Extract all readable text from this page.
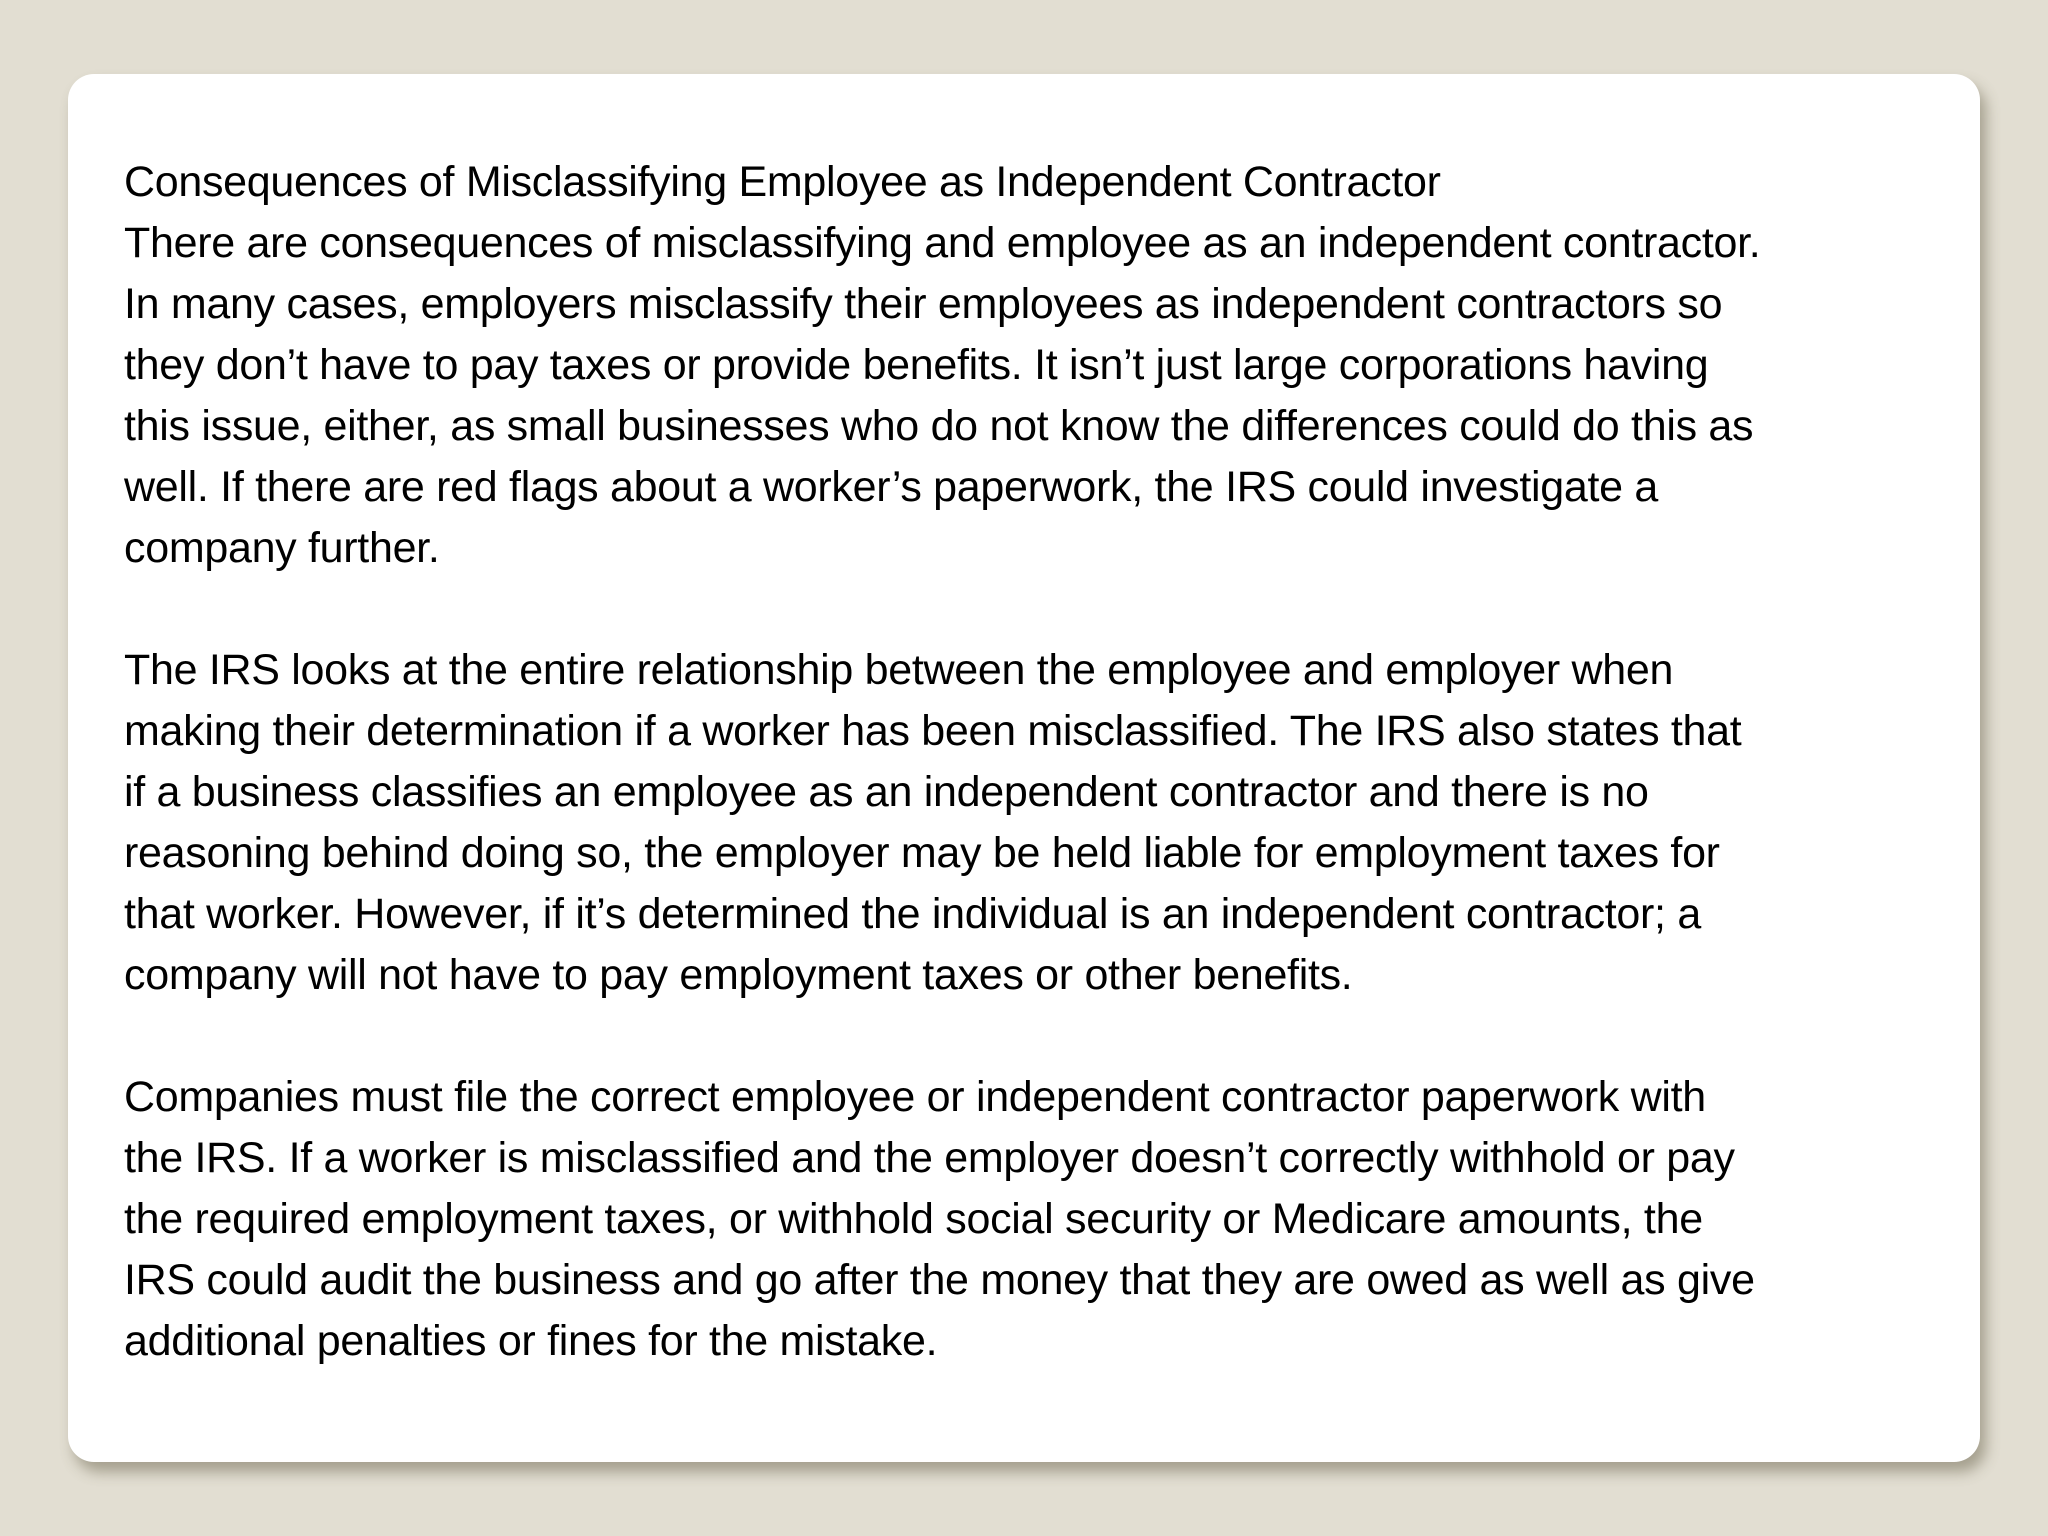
Consequences of Misclassifying Employee as Independent Contractor
There are consequences of misclassifying and employee as an independent contractor.
In many cases, employers misclassify their employees as independent contractors so
they don’t have to pay taxes or provide benefits. It isn’t just large corporations having
this issue, either, as small businesses who do not know the differences could do this as
well. If there are red flags about a worker’s paperwork, the IRS could investigate a
company further.
The IRS looks at the entire relationship between the employee and employer when
making their determination if a worker has been misclassified. The IRS also states that
if a business classifies an employee as an independent contractor and there is no
reasoning behind doing so, the employer may be held liable for employment taxes for
that worker. However, if it’s determined the individual is an independent contractor; a
company will not have to pay employment taxes or other benefits.
Companies must file the correct employee or independent contractor paperwork with
the IRS. If a worker is misclassified and the employer doesn’t correctly withhold or pay
the required employment taxes, or withhold social security or Medicare amounts, the
IRS could audit the business and go after the money that they are owed as well as give
additional penalties or fines for the mistake.
